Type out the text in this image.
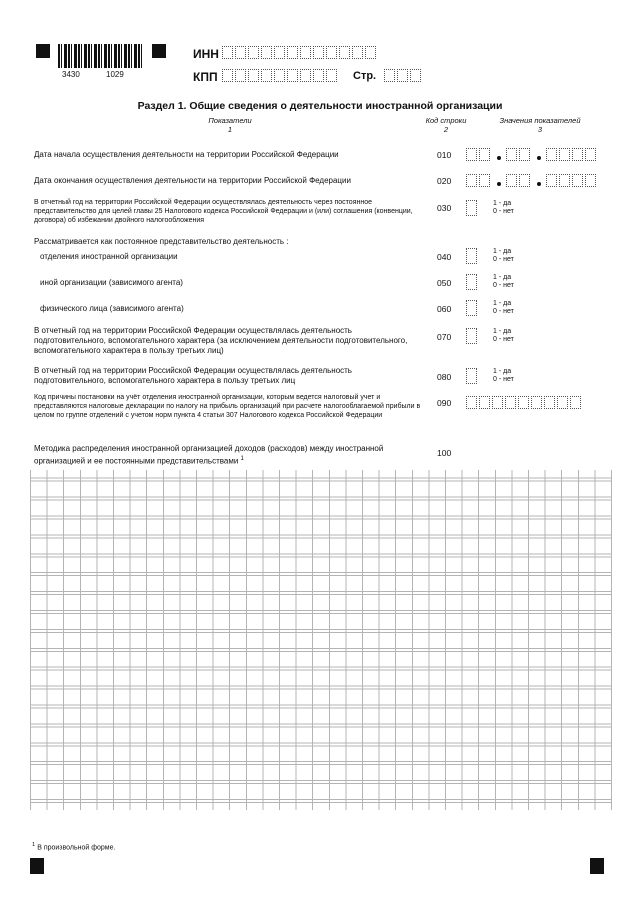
3430	1029
ИНН
КПП	Стр.
Раздел 1. Общие сведения о деятельности иностранной организации
Показатели
1
Код строки
2
Значения показателей
3
Дата начала осуществления деятельности на территории Российской Федерации	010
Дата окончания осуществления деятельности на территории Российской Федерации	020
В отчетный год на территории Российской Федерации осуществлялась деятельность через постоянное представительство для целей главы 25 Налогового кодекса Российской Федерации и (или) соглашения (конвенции, договора) об избежании двойного налогообложения
030	1 - да
0 - нет
Рассматривается как постоянное представительство деятельность :
отделения иностранной организации	040
1 - да
0 - нет
иной организации (зависимого агента)	050
1 - да
0 - нет
физического лица (зависимого агента)	060
1 - да
0 - нет
В отчетный год на территории Российской Федерации осуществлялась деятельность подготовительного, вспомогательного характера (за исключением деятельности подготовительного, вспомогательного характера в пользу третьих лиц)
070
1 - да
0 - нет
В отчетный год на территории Российской Федерации осуществлялась деятельность подготовительного, вспомогательного характера в пользу третьих лиц	080
1 - да
0 - нет
Код причины постановки на учёт отделения иностранной организации, которым ведется налоговый учет и представляются налоговые декларации по налогу на прибыль организаций при расчете налогооблагаемой прибыли в целом по группе отделений с учетом норм пункта 4 статьи 307 Налогового кодекса Российской Федерации
090
Методика распределения иностранной организацией доходов (расходов) между иностранной организацией и ее постоянными представительствами $^1$
100
$^1$ В произвольной форме.
